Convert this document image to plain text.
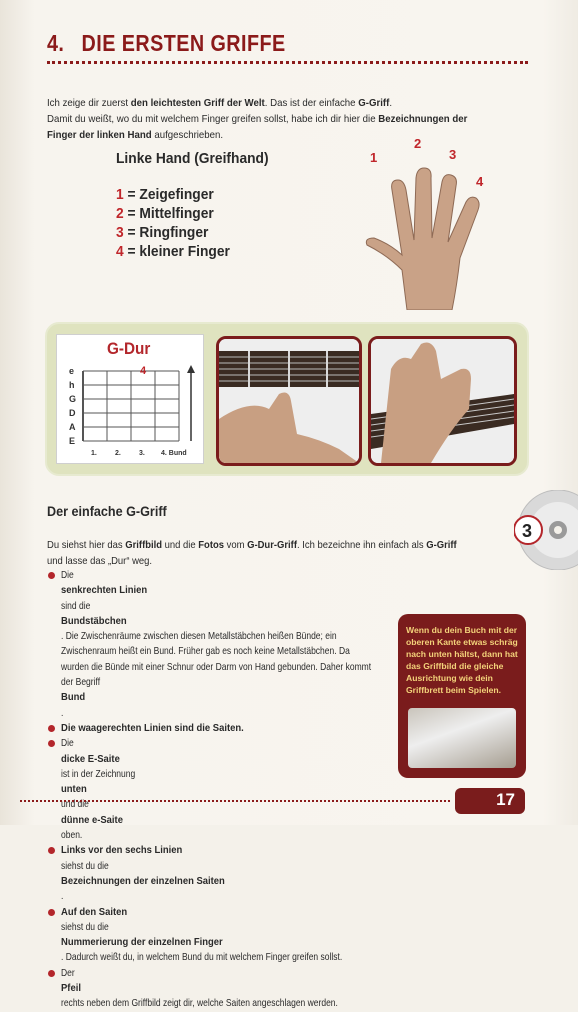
4. DIE ERSTEN GRIFFE
Ich zeige dir zuerst den leichtesten Griff der Welt. Das ist der einfache G-Griff.
Damit du weißt, wo du mit welchem Finger greifen sollst, habe ich dir hier die Bezeichnungen der Finger der linken Hand aufgeschrieben.
Linke Hand (Greifhand)
1 = Zeigefinger
2 = Mittelfinger
3 = Ringfinger
4 = kleiner Finger
1
2
3
4
G-Dur
e
h
G
D
A
E
4
1.	2.	3. 4. Bund
Der einfache G-Griff
Du siehst hier das Griffbild und die Fotos vom G-Dur-Griff. Ich bezeichne ihn einfach als G-Griff und lasse das „Dur“ weg.
Die
senkrechten Linien
sind die
Bundstäbchen
. Die Zwischenräume zwischen diesen Metallstäbchen heißen Bünde; ein Zwischenraum heißt ein Bund. Früher gab es noch keine Metallstäbchen. Da wurden die Bünde mit einer Schnur oder Darm von Hand gebunden. Daher kommt der Begriff
Bund
.
Die waagerechten Linien sind die Saiten.
Die
dicke E-Saite
ist in der Zeichnung
unten
und die
dünne e-Saite
oben.
Links vor den sechs Linien
siehst du die
Bezeichnungen der einzelnen Saiten
.
Auf den Saiten
siehst du die
Nummerierung der einzelnen Finger
. Dadurch weißt du, in welchem Bund du mit welchem Finger greifen sollst.
Der
Pfeil
rechts neben dem Griffbild zeigt dir, welche Saiten angeschlagen werden.
Wenn du dein Buch mit der oberen Kante etwas schräg nach unten hältst, dann hat das Griffbild die gleiche Ausrichtung wie dein Griffbrett beim Spielen.
3
17
